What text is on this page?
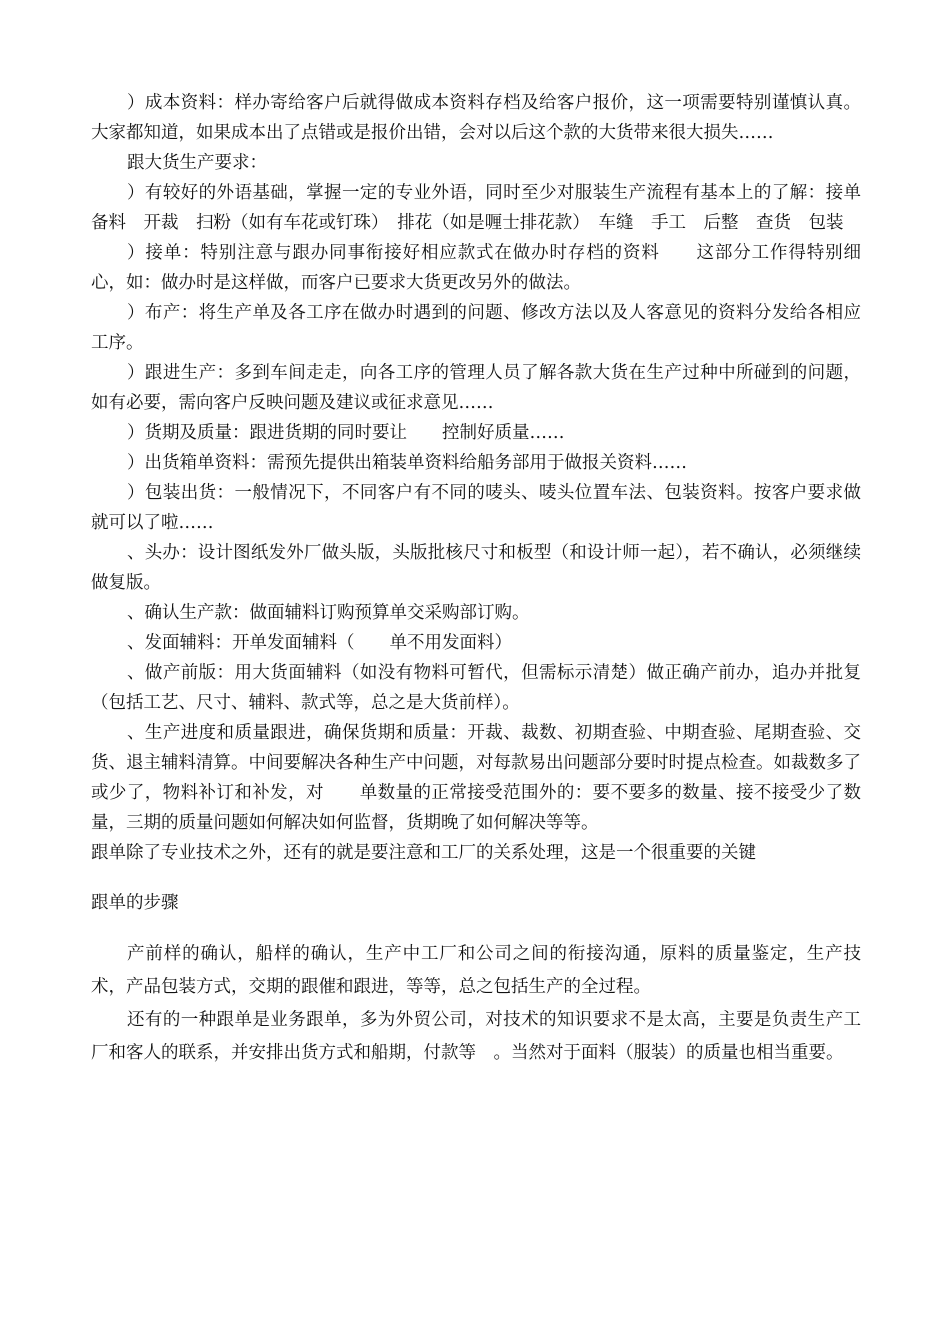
）成本资料：样办寄给客户后就得做成本资料存档及给客户报价，这一项需要特别谨慎认真。大家都知道，如果成本出了点错或是报价出错，会对以后这个款的大货带来很大损失……

跟大货生产要求：

）有较好的外语基础，掌握一定的专业外语，同时至少对服装生产流程有基本上的了解：接单　备料　开裁　扫粉（如有车花或钉珠）　排花（如是喱士排花款）　车缝　手工　后整　查货　包装

）接单：特别注意与跟办同事衔接好相应款式在做办时存档的资料　　这部分工作得特别细心，如：做办时是这样做，而客户已要求大货更改另外的做法。

）布产：将生产单及各工序在做办时遇到的问题、修改方法以及人客意见的资料分发给各相应工序。

）跟进生产：多到车间走走，向各工序的管理人员了解各款大货在生产过种中所碰到的问题，如有必要，需向客户反映问题及建议或征求意见……

）货期及质量：跟进货期的同时要让　　控制好质量……

）出货箱单资料：需预先提供出箱装单资料给船务部用于做报关资料……

）包装出货：一般情况下，不同客户有不同的唛头、唛头位置车法、包装资料。按客户要求做就可以了啦……

、头办：设计图纸发外厂做头版，头版批核尺寸和板型（和设计师一起），若不确认，必须继续做复版。

、确认生产款：做面辅料订购预算单交采购部订购。

、发面辅料：开单发面辅料（　　单不用发面料）

、做产前版：用大货面辅料（如没有物料可暂代，但需标示清楚）做正确产前办，追办并批复（包括工艺、尺寸、辅料、款式等，总之是大货前样）。

、生产进度和质量跟进，确保货期和质量：开裁、裁数、初期查验、中期查验、尾期查验、交货、退主辅料清算。中间要解决各种生产中问题，对每款易出问题部分要时时提点检查。如裁数多了或少了，物料补订和补发，对　　单数量的正常接受范围外的：要不要多的数量、接不接受少了数量，三期的质量问题如何解决如何监督，货期晚了如何解决等等。

跟单除了专业技术之外，还有的就是要注意和工厂的关系处理，这是一个很重要的关键

跟单的步骤

产前样的确认，船样的确认，生产中工厂和公司之间的衔接沟通，原料的质量鉴定，生产技术，产品包装方式，交期的跟催和跟进，等等，总之包括生产的全过程。

还有的一种跟单是业务跟单，多为外贸公司，对技术的知识要求不是太高，主要是负责生产工厂和客人的联系，并安排出货方式和船期，付款等　。当然对于面料（服装）的质量也相当重要。
